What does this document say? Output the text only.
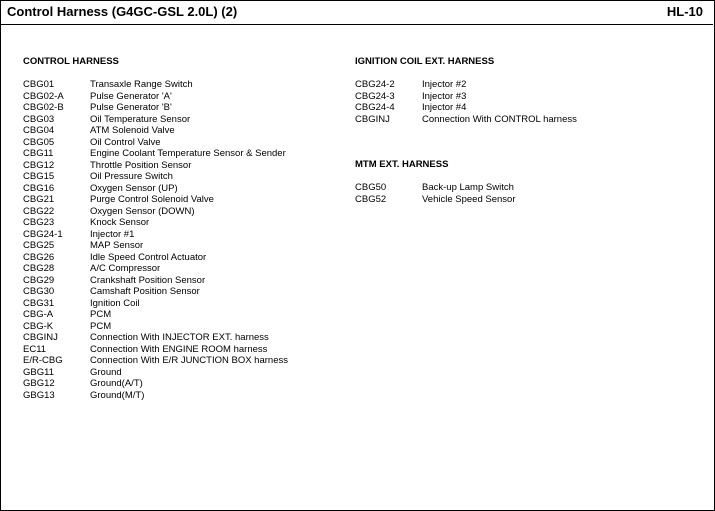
Control Harness (G4GC-GSL 2.0L) (2)	HL-10
CONTROL HARNESS
CBG01	Transaxle Range Switch
CBG02-A	Pulse Generator 'A'
CBG02-B	Pulse Generator 'B'
CBG03	Oil Temperature Sensor
CBG04	ATM Solenoid Valve
CBG05	Oil Control Valve
CBG11	Engine Coolant Temperature Sensor & Sender
CBG12	Throttle Position Sensor
CBG15	Oil Pressure Switch
CBG16	Oxygen Sensor (UP)
CBG21	Purge Control Solenoid Valve
CBG22	Oxygen Sensor (DOWN)
CBG23	Knock Sensor
CBG24-1	Injector #1
CBG25	MAP Sensor
CBG26	Idle Speed Control Actuator
CBG28	A/C Compressor
CBG29	Crankshaft Position Sensor
CBG30	Camshaft Position Sensor
CBG31	Ignition Coil
CBG-A	PCM
CBG-K	PCM
CBGINJ	Connection With INJECTOR EXT. harness
EC11	Connection With ENGINE ROOM harness
E/R-CBG	Connection With E/R JUNCTION BOX harness
GBG11	Ground
GBG12	Ground(A/T)
GBG13	Ground(M/T)
IGNITION COIL EXT. HARNESS
CBG24-2	Injector #2
CBG24-3	Injector #3
CBG24-4	Injector #4
CBGINJ	Connection With CONTROL harness
MTM EXT. HARNESS
CBG50	Back-up Lamp Switch
CBG52	Vehicle Speed Sensor
